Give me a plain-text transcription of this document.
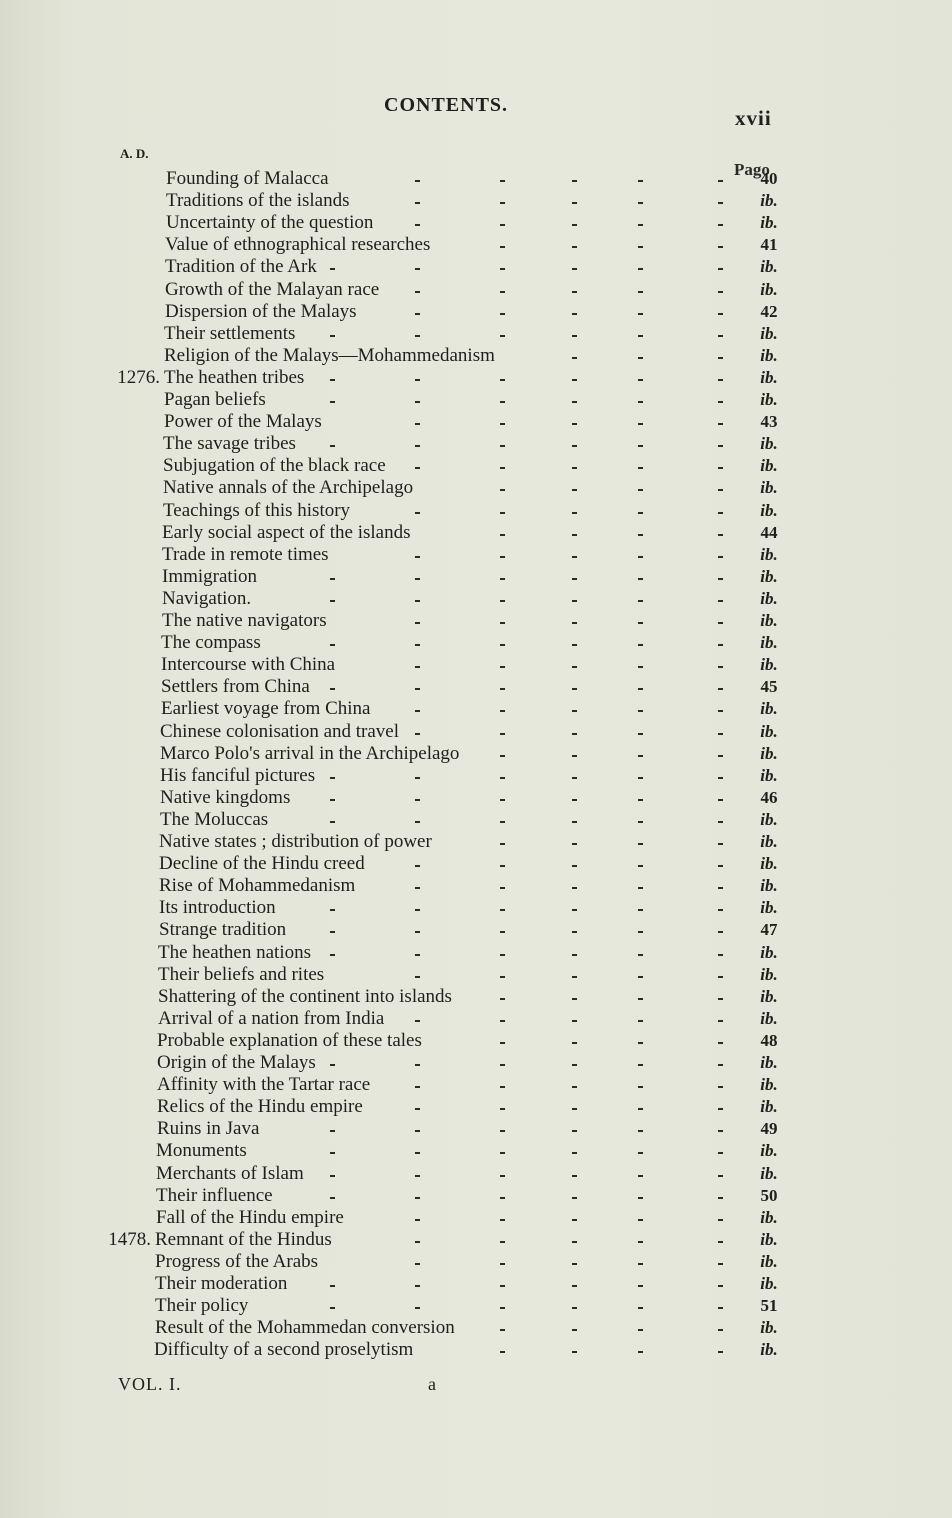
CONTENTS.
xvii
A. D.
Pago
Founding of Malacca	40
Traditions of the islands	ib.
Uncertainty of the question	ib.
Value of ethnographical researches	41
Tradition of the Ark	ib.
Growth of the Malayan race	ib.
Dispersion of the Malays	42
Their settlements	ib.
Religion of the Malays—Mohammedanism	ib.
1276. The heathen tribes	ib.
Pagan beliefs	ib.
Power of the Malays	43
The savage tribes	ib.
Subjugation of the black race	ib.
Native annals of the Archipelago	ib.
Teachings of this history	ib.
Early social aspect of the islands	44
Trade in remote times	ib.
Immigration	ib.
Navigation.	ib.
The native navigators	ib.
The compass	ib.
Intercourse with China	ib.
Settlers from China	45
Earliest voyage from China	ib.
Chinese colonisation and travel	ib.
Marco Polo's arrival in the Archipelago	ib.
His fanciful pictures	ib.
Native kingdoms	46
The Moluccas	ib.
Native states ; distribution of power	ib.
Decline of the Hindu creed	ib.
Rise of Mohammedanism	ib.
Its introduction	ib.
Strange tradition	47
The heathen nations	ib.
Their beliefs and rites	ib.
Shattering of the continent into islands	ib.
Arrival of a nation from India	ib.
Probable explanation of these tales	48
Origin of the Malays	ib.
Affinity with the Tartar race	ib.
Relics of the Hindu empire	ib.
Ruins in Java	49
Monuments	ib.
Merchants of Islam	ib.
Their influence	50
Fall of the Hindu empire	ib.
1478. Remnant of the Hindus	ib.
Progress of the Arabs	ib.
Their moderation	ib.
Their policy	51
Result of the Mohammedan conversion	ib.
Difficulty of a second proselytism	ib.
VOL. I.	a
